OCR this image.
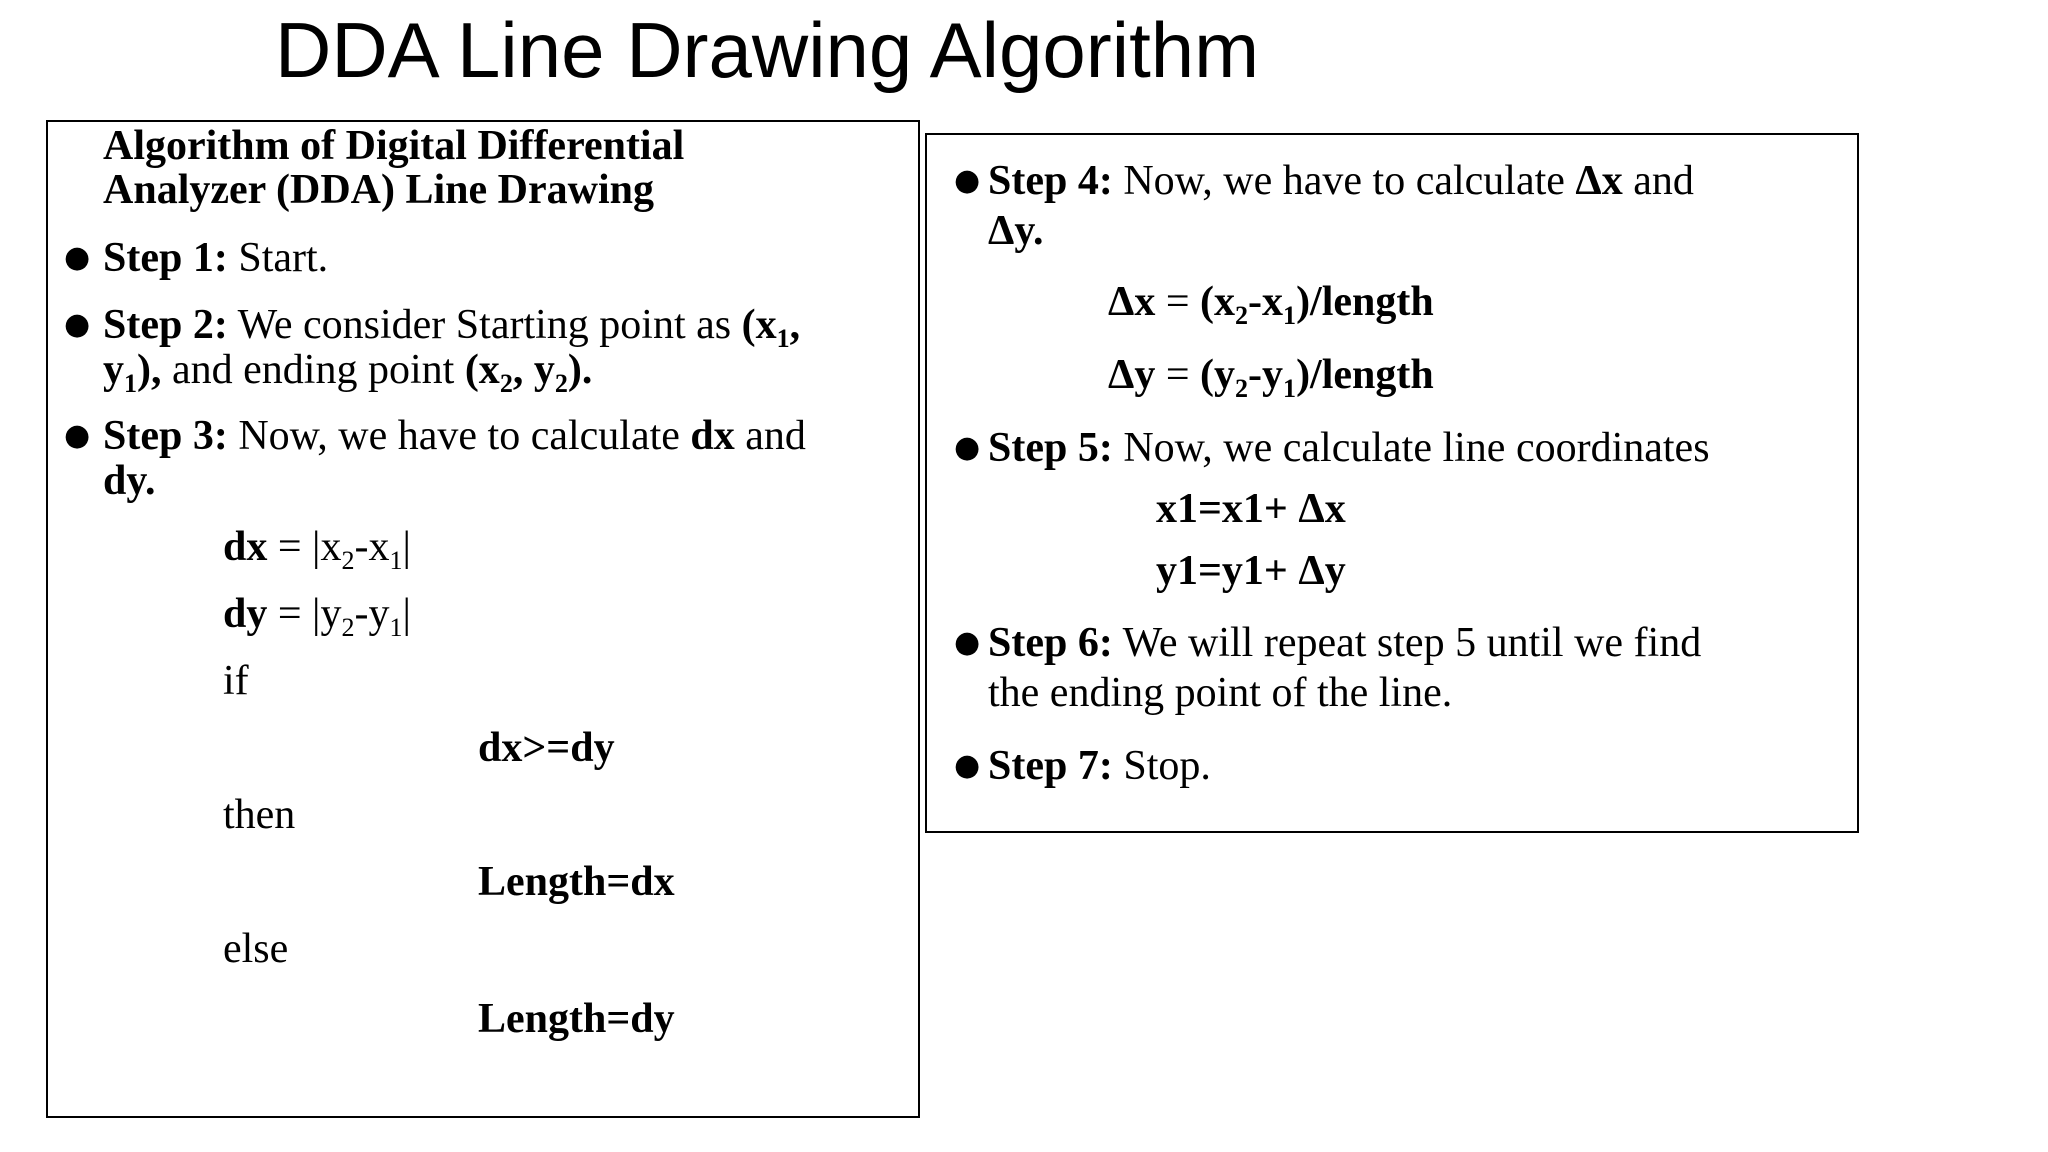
DDA Line Drawing Algorithm
Algorithm of Digital Differential
Analyzer (DDA) Line Drawing
● Step 1: Start.
● Step 2: We consider Starting point as ($x_1$,
$y_1$), and ending point ($x_2$, $y_2$).
● Step 3: Now, we have to calculate dx and
dy.
dx = $|x_2-x_1|$
dy = $|y_2-y_1|$
if
dx>=dy
then
Length=dx
else
Length=dy
● Step 4: Now, we have to calculate Δx and
Δy.
$\Delta x = (x_2-x_1)$/length
$\Delta y = (y_2-y_1)$/length
● Step 5: Now, we calculate line coordinates
x1=x1+ Δx
y1=y1+ Δy
● Step 6: We will repeat step 5 until we find
the ending point of the line.
● Step 7: Stop.
